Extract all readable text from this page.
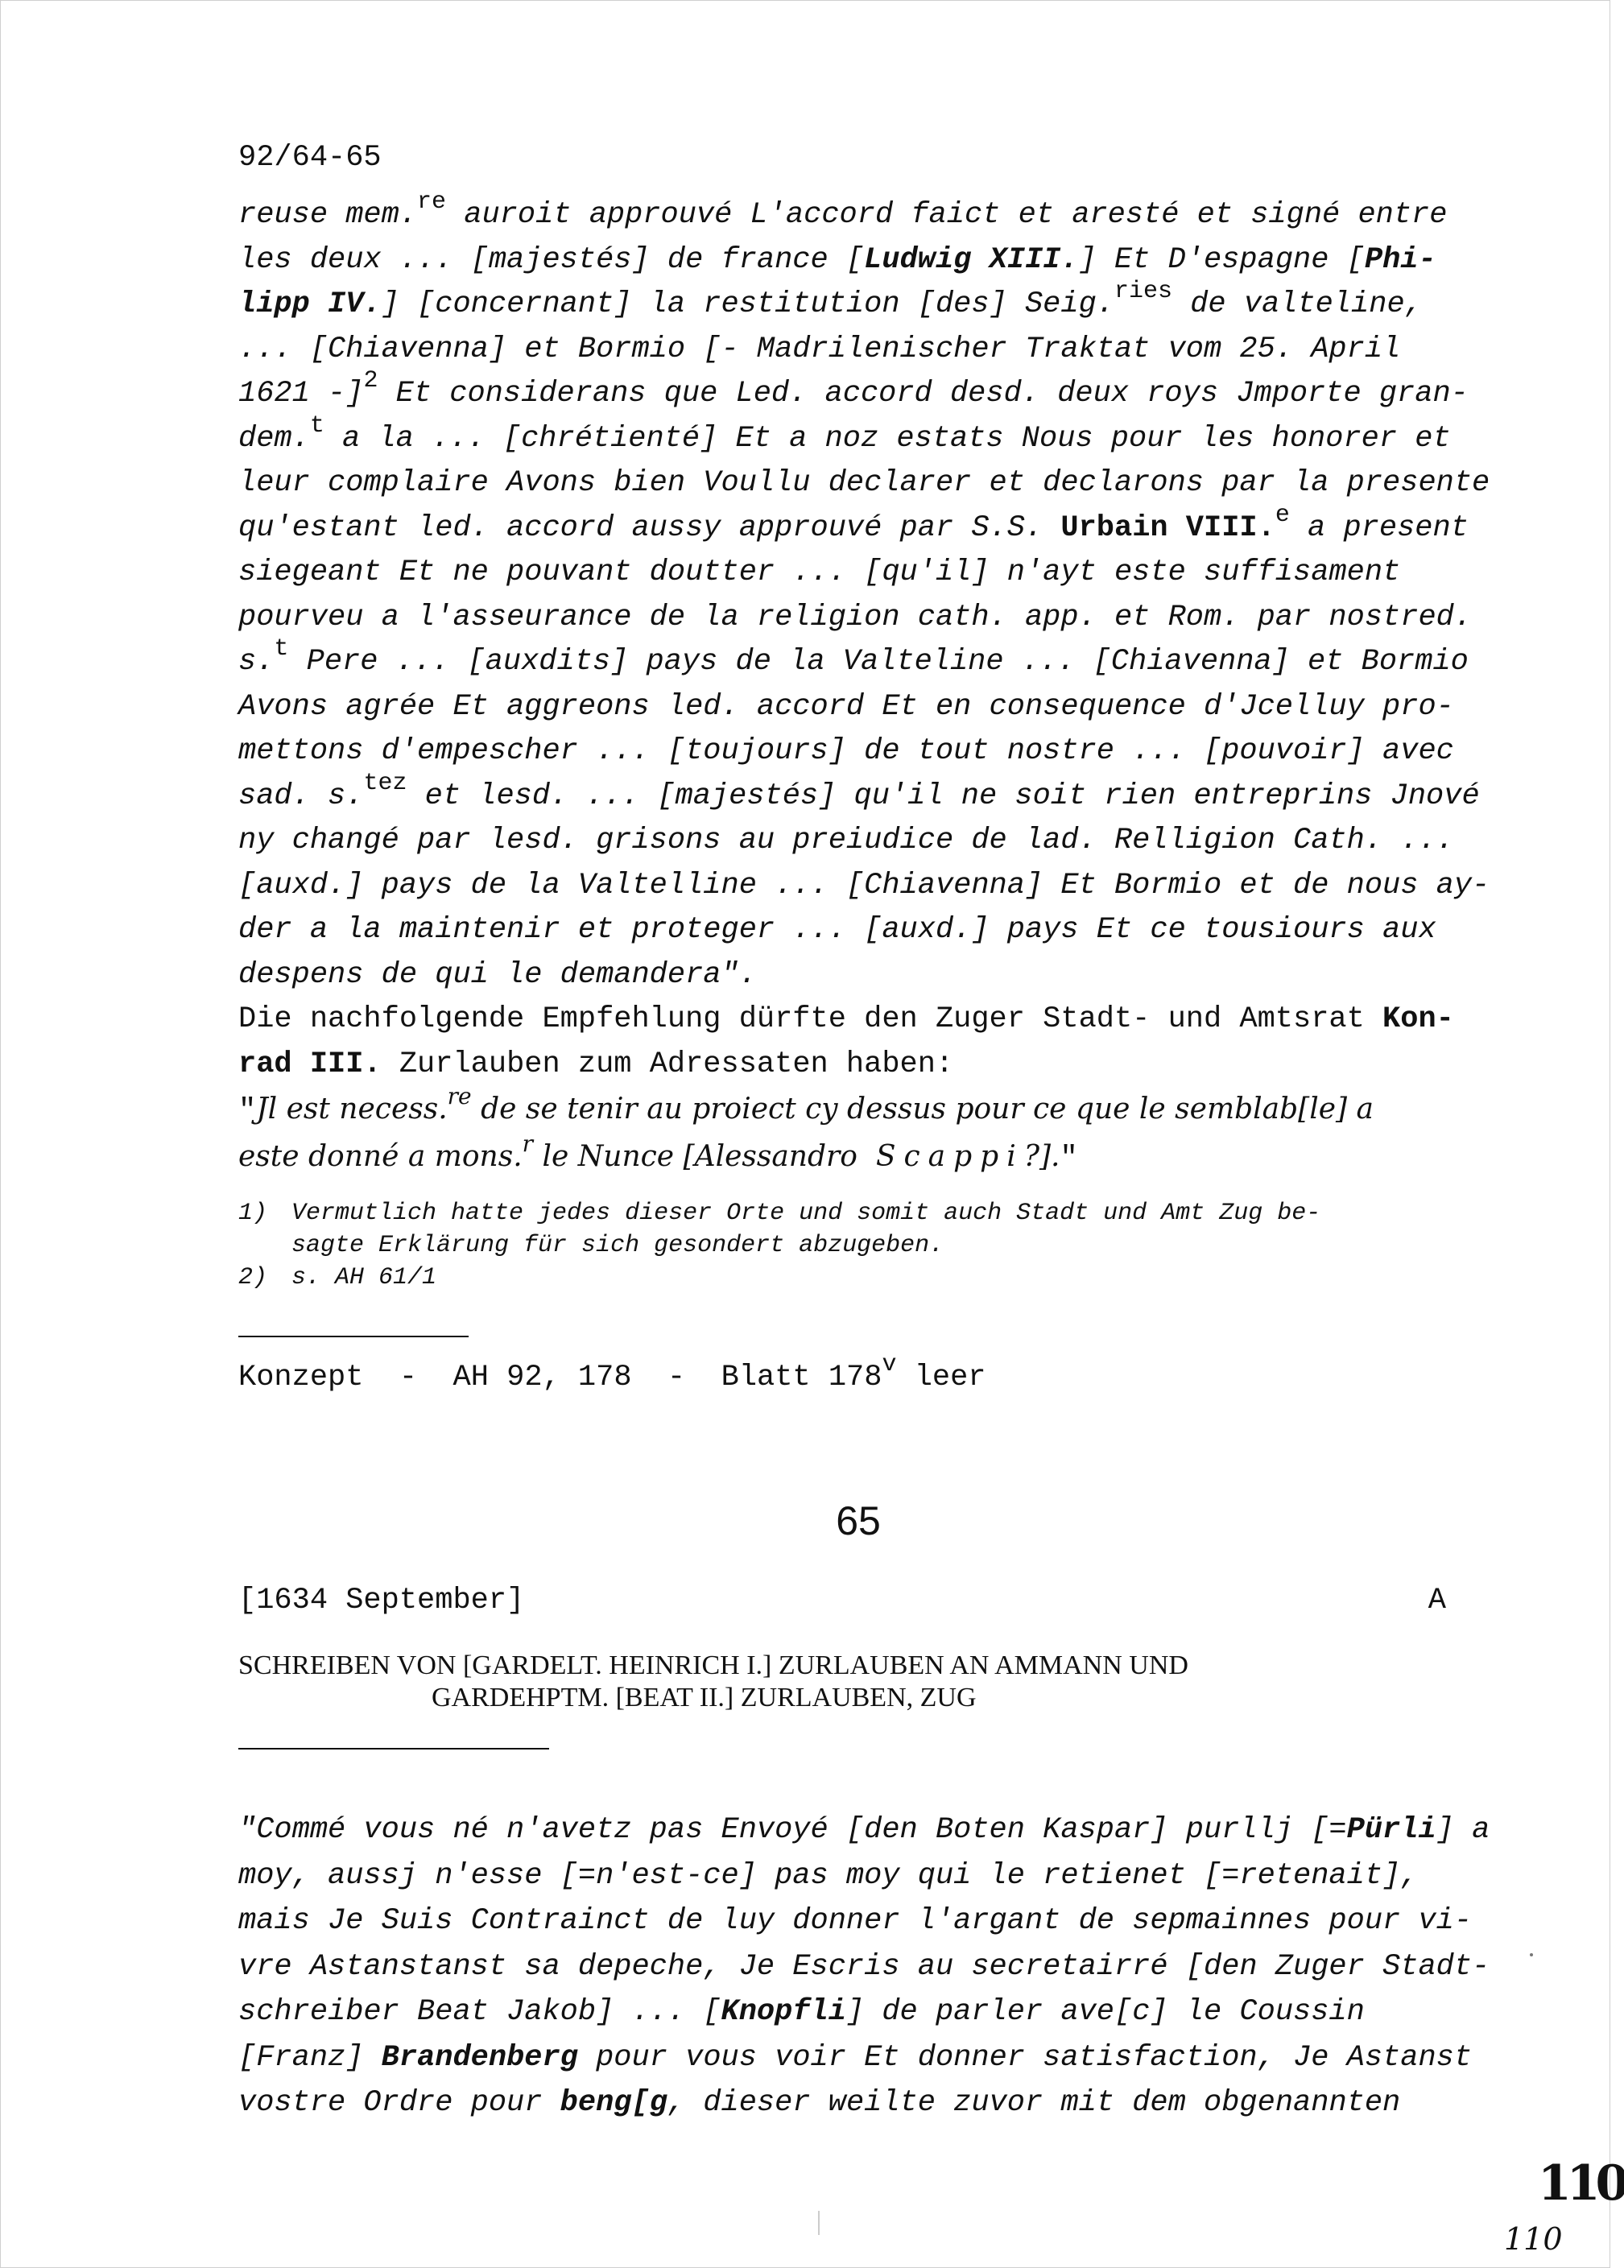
92/64-65
reuse mem.$^{re}$ auroit approuvé L'accord faict et aresté et signé entre
les deux ... [majestés] de france [Ludwig XIII.] Et D'espagne [Phi-
lipp IV.] [concernant] la restitution [des] Seig.$^{ries}$ de valteline,
... [Chiavenna] et Bormio [- Madrilenischer Traktat vom 25. April
1621 -]$^2$ Et considerans que Led. accord desd. deux roys Jmporte gran-
dem.$^t$ a la ... [chrétienté] Et a noz estats Nous pour les honorer et
leur complaire Avons bien Voullu declarer et declarons par la presente
qu'estant led. accord aussy approuvé par S.S. Urbain VIII.$^e$ a present
siegeant Et ne pouvant doutter ... [qu'il] n'ayt este suffisament
pourveu a l'asseurance de la religion cath. app. et Rom. par nostred.
s.$^t$ Pere ... [auxdits] pays de la Valteline ... [Chiavenna] et Bormio
Avons agrée Et aggreons led. accord Et en consequence d'Jcelluy pro-
mettons d'empescher ... [toujours] de tout nostre ... [pouvoir] avec
sad. s.$^{tez}$ et lesd. ... [majestés] qu'il ne soit rien entreprins Jnové
ny changé par lesd. grisons au preiudice de lad. Relligion Cath. ...
[auxd.] pays de la Valtelline ... [Chiavenna] Et Bormio et de nous ay-
der a la maintenir et proteger ... [auxd.] pays Et ce tousiours aux
despens de qui le demandera".
Die nachfolgende Empfehlung dürfte den Zuger Stadt- und Amtsrat Kon-
rad III. Zurlauben zum Adressaten haben:
"Jl est necess.$^{re}$ de se tenir au proiect cy dessus pour ce que le semblab[le] a
este donné a mons.$^r$ le Nunce [Alessandro  Scappi?]."
1) Vermutlich hatte jedes dieser Orte und somit auch Stadt und Amt Zug be-
sagte Erklärung für sich gesondert abzugeben.
2) s. AH 61/1
Konzept - AH 92, 178 - Blatt 178$^v$ leer
65
[1634 September]	A
SCHREIBEN VON [GARDELT. HEINRICH I.] ZURLAUBEN AN AMMANN UND
GARDEHPTM. [BEAT II.] ZURLAUBEN, ZUG
"Commé vous né n'avetz pas Envoyé [den Boten Kaspar] purllj [=Pürli] a
moy, aussj n'esse [=n'est-ce] pas moy qui le retienet [=retenait],
mais Je Suis Contrainct de luy donner l'argant de sepmainnes pour vi-
vre Astanstanst sa depeche, Je Escris au secretairré [den Zuger Stadt-
schreiber Beat Jakob] ... [Knopfli] de parler ave[c] le Coussin
[Franz] Brandenberg pour vous voir Et donner satisfaction, Je Astanst
vostre Ordre pour beng[g, dieser weilte zuvor mit dem obgenannten
110
110
